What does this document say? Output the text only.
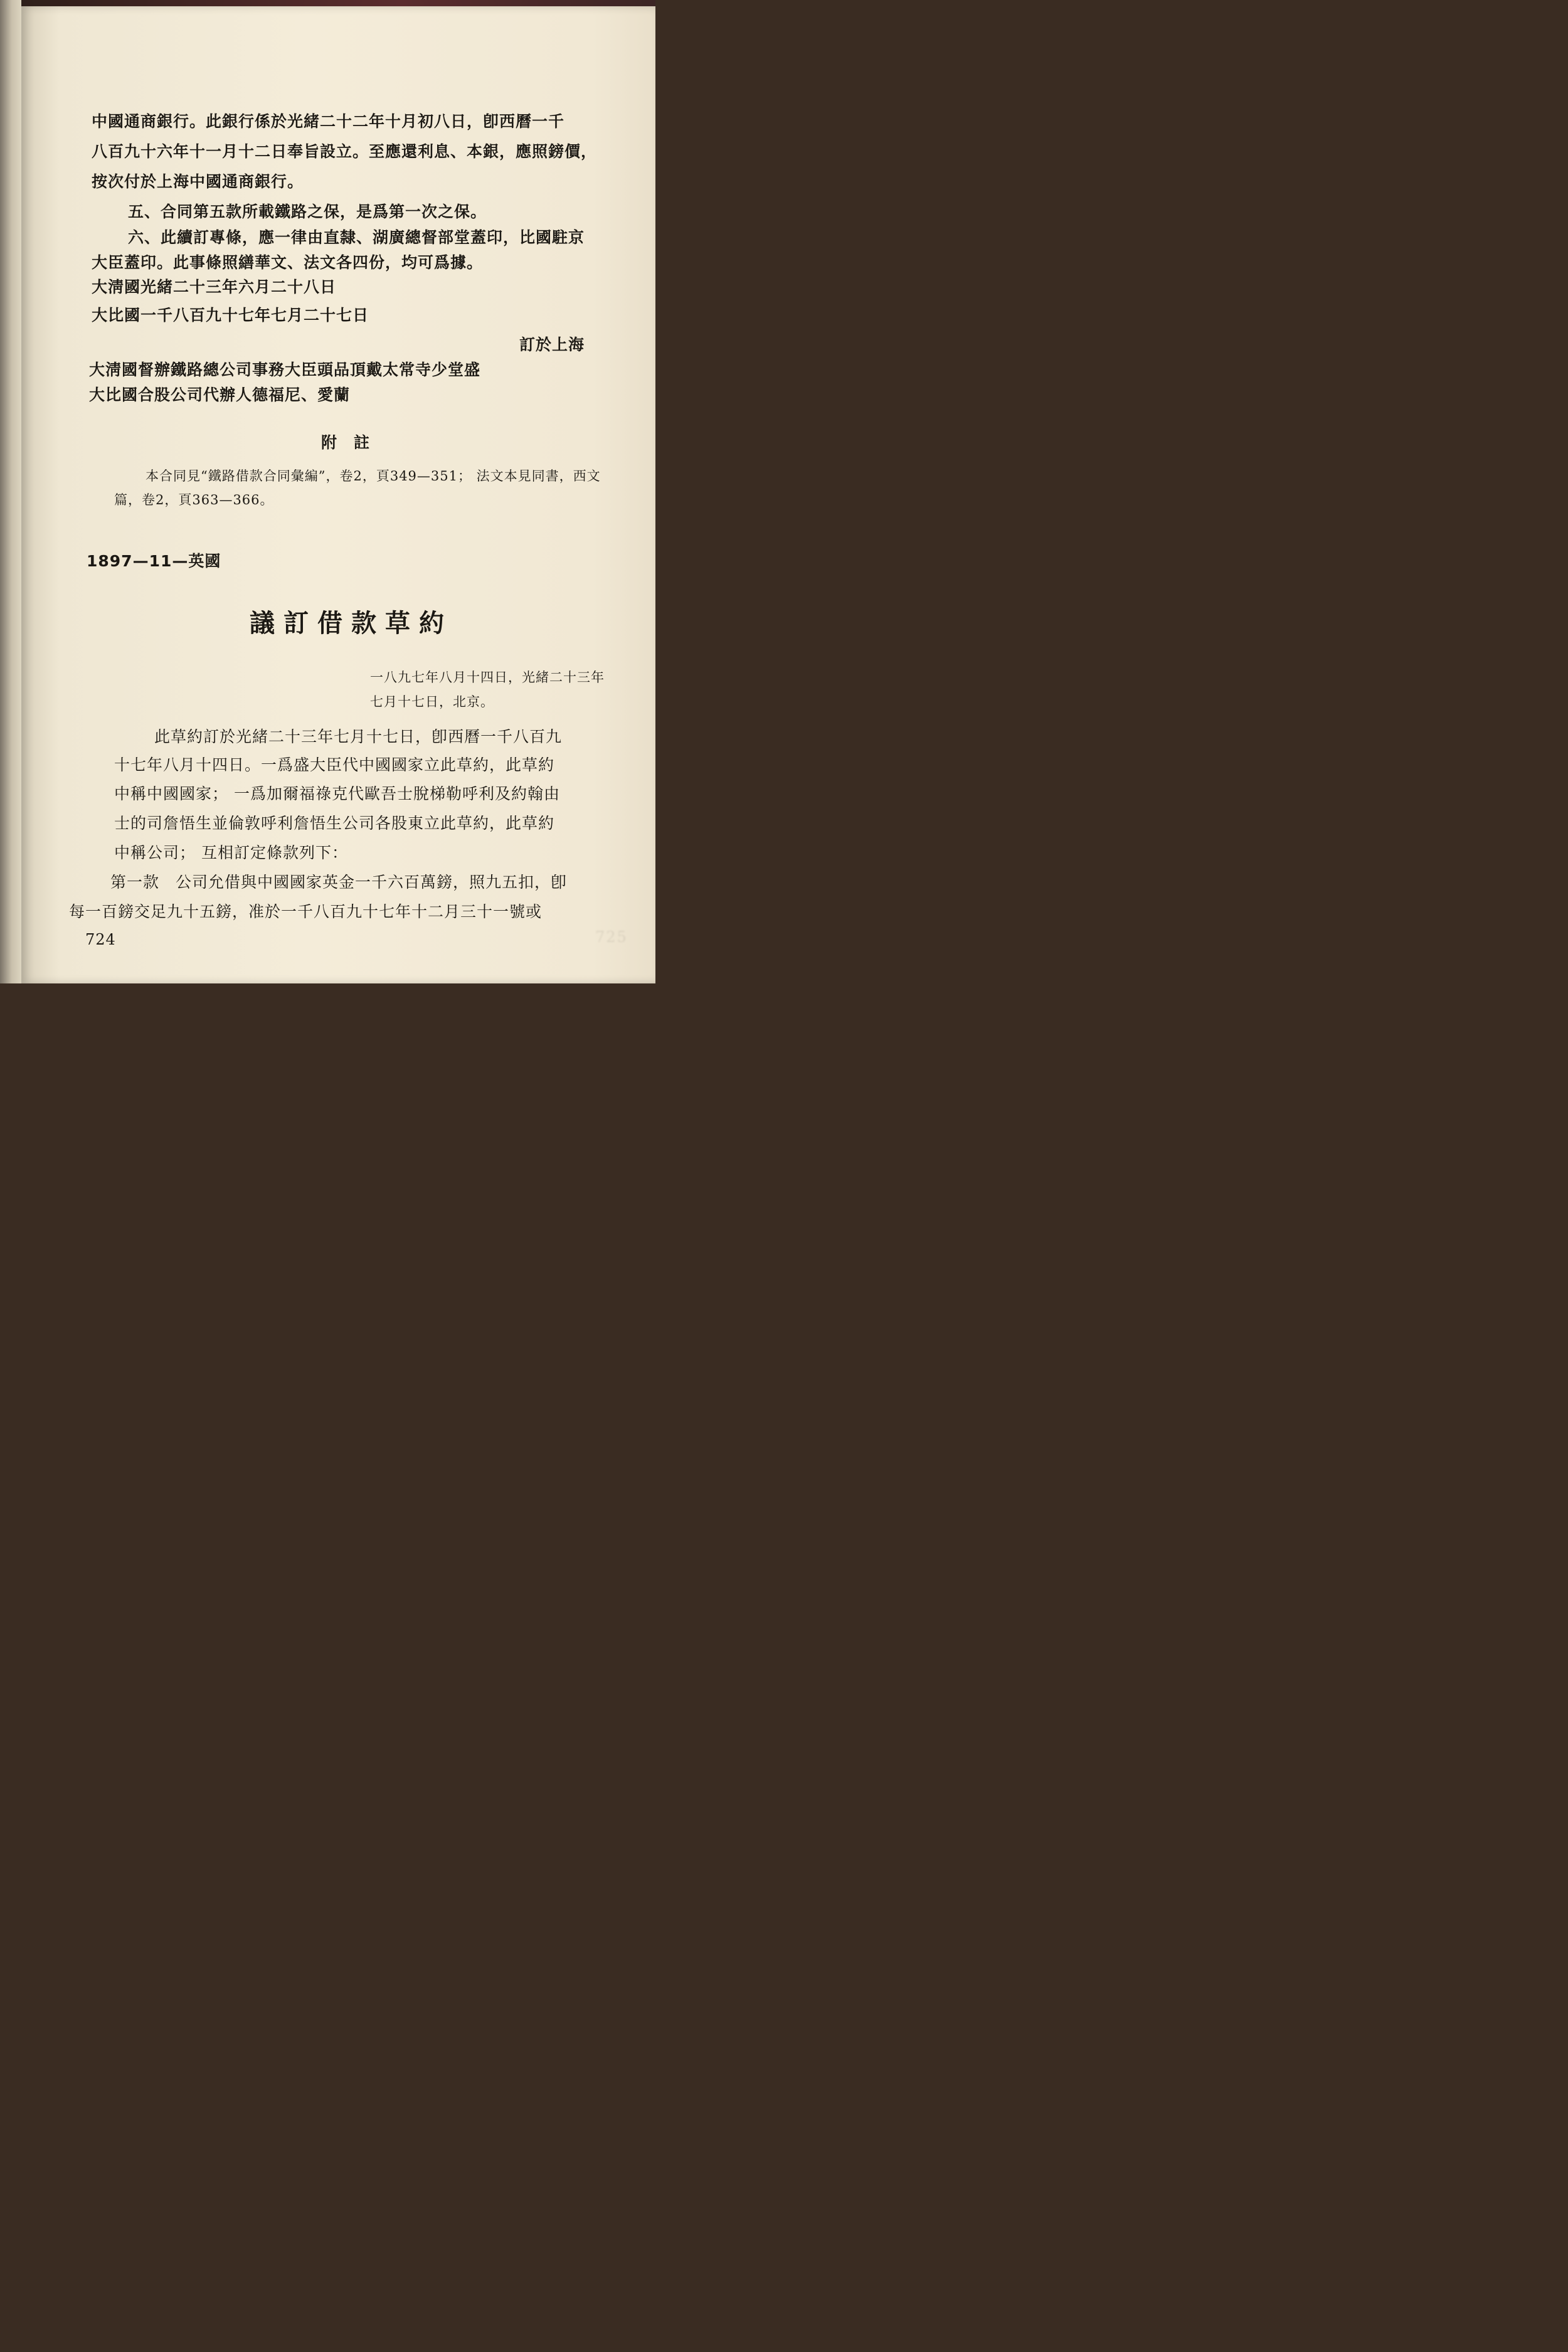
725
中國通商銀行。此銀行係於光緒二十二年十月初八日，卽西曆一千
八百九十六年十一月十二日奉旨設立。至應還利息、本銀，應照鎊價，
按次付於上海中國通商銀行。
五、合同第五款所載鐵路之保，是爲第一次之保。
六、此續訂專條，應一律由直隸、湖廣總督部堂蓋印，比國駐京
大臣蓋印。此事條照繕華文、法文各四份，均可爲據。
大淸國光緒二十三年六月二十八日
大比國一千八百九十七年七月二十七日
訂於上海
大淸國督辦鐵路總公司事務大臣頭品頂戴太常寺少堂盛
大比國合股公司代辦人德福尼、愛蘭
附　註
本合同見“鐵路借款合同彙編”，卷2，頁349—351； 法文本見同書，西文
篇，卷2，頁363—366。
1897—11—英國
議訂借款草約
一八九七年八月十四日，光緒二十三年
七月十七日，北京。
此草約訂於光緒二十三年七月十七日，卽西曆一千八百九
十七年八月十四日。一爲盛大臣代中國國家立此草約，此草約
中稱中國國家； 一爲加爾福祿克代歐吾士脫梯勒呼利及約翰由
士的司詹悟生並倫敦呼利詹悟生公司各股東立此草約，此草約
中稱公司； 互相訂定條款列下：
第一款　公司允借與中國國家英金一千六百萬鎊，照九五扣，卽
每一百鎊交足九十五鎊，准於一千八百九十七年十二月三十一號或
724
